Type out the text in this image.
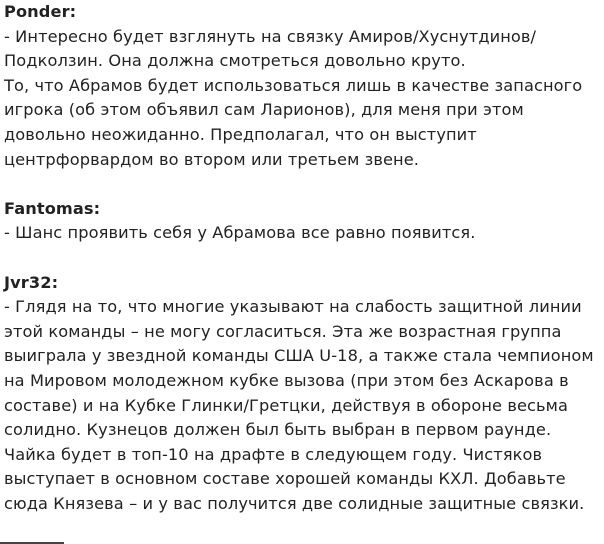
Ponder:
- Интересно будет взглянуть на связку Амиров/Хуснутдинов/ Подколзин. Она должна смотреться довольно круто.
То, что Абрамов будет использоваться лишь в качестве запасного игрока (об этом объявил сам Ларионов), для меня при этом довольно неожиданно. Предполагал, что он выступит центрфорвардом во втором или третьем звене.
Fantomas:
- Шанс проявить себя у Абрамова все равно появится.
Jvr32:
- Глядя на то, что многие указывают на слабость защитной линии этой команды – не могу согласиться. Эта же возрастная группа выиграла у звездной команды США U-18, а также стала чемпионом на Мировом молодежном кубке вызова (при этом без Аскарова в составе) и на Кубке Глинки/Гретцки, действуя в обороне весьма солидно. Кузнецов должен был быть выбран в первом раунде. Чайка будет в топ-10 на драфте в следующем году. Чистяков выступает в основном составе хорошей команды КХЛ. Добавьте сюда Князева – и у вас получится две солидные защитные связки.
